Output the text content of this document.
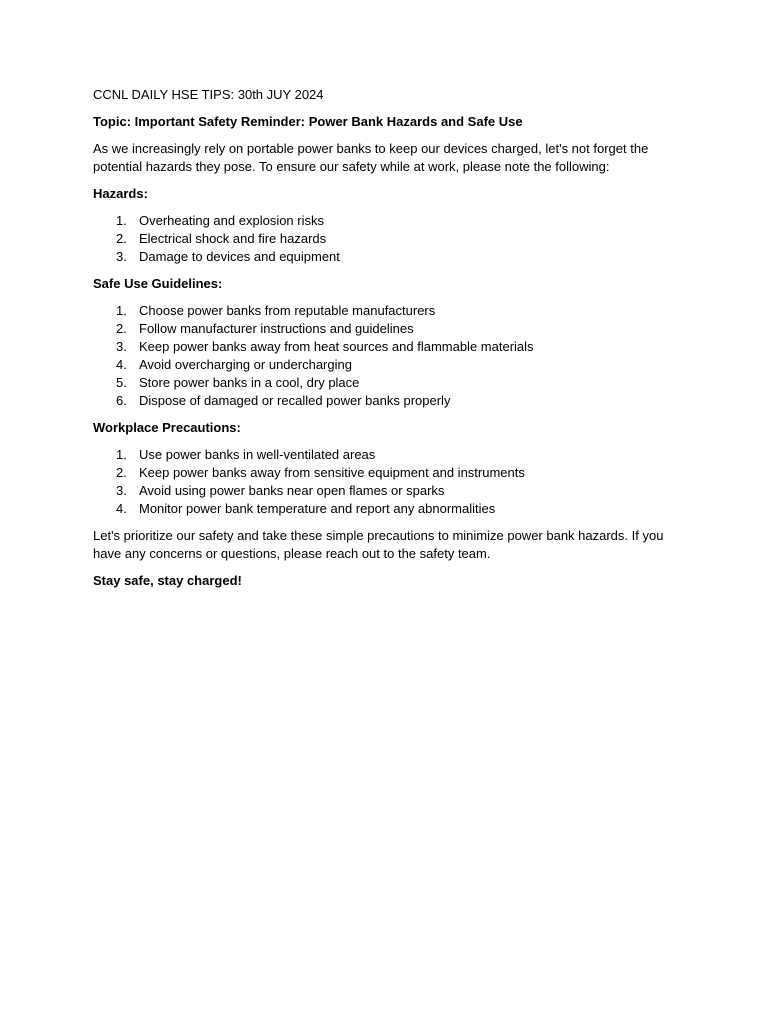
CCNL DAILY HSE TIPS: 30th JUY 2024

Topic: Important Safety Reminder: Power Bank Hazards and Safe Use

As we increasingly rely on portable power banks to keep our devices charged, let's not forget the potential hazards they pose. To ensure our safety while at work, please note the following:

Hazards:

1. Overheating and explosion risks
2. Electrical shock and fire hazards
3. Damage to devices and equipment

Safe Use Guidelines:

1. Choose power banks from reputable manufacturers
2. Follow manufacturer instructions and guidelines
3. Keep power banks away from heat sources and flammable materials
4. Avoid overcharging or undercharging
5. Store power banks in a cool, dry place
6. Dispose of damaged or recalled power banks properly

Workplace Precautions:

1. Use power banks in well-ventilated areas
2. Keep power banks away from sensitive equipment and instruments
3. Avoid using power banks near open flames or sparks
4. Monitor power bank temperature and report any abnormalities

Let's prioritize our safety and take these simple precautions to minimize power bank hazards. If you have any concerns or questions, please reach out to the safety team.

Stay safe, stay charged!
